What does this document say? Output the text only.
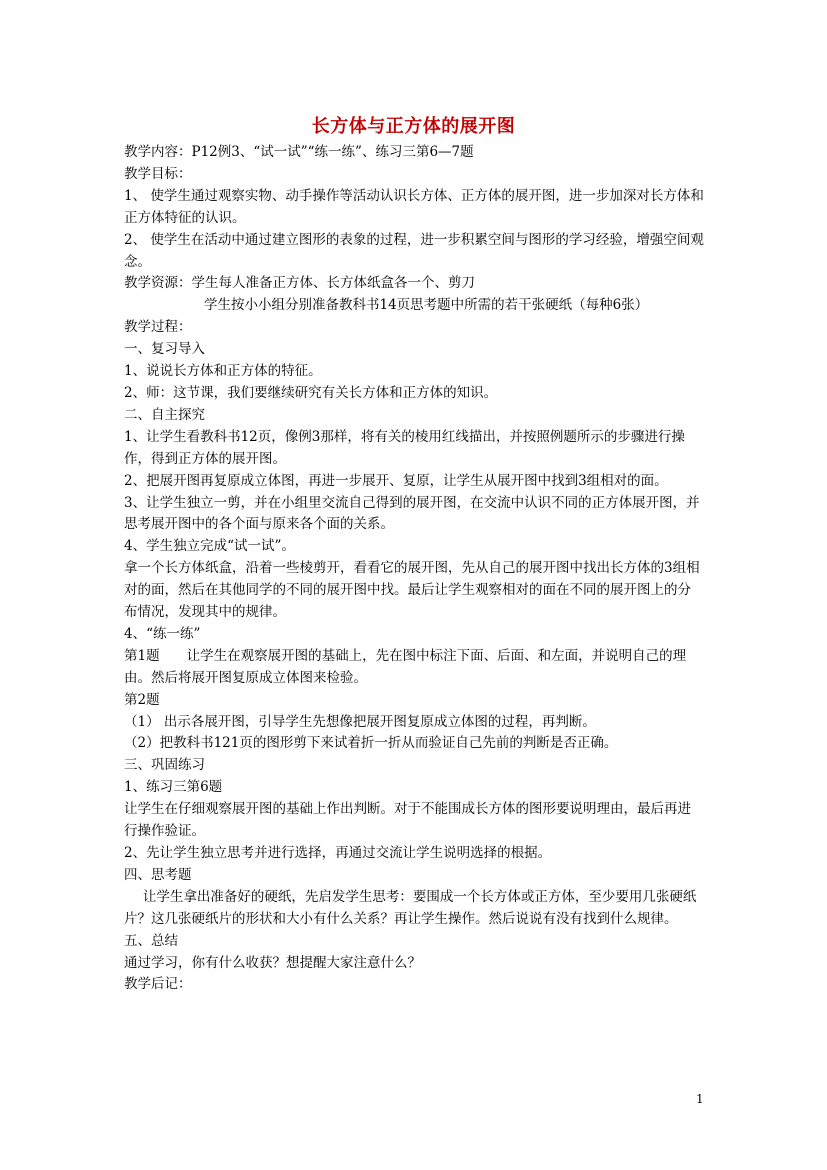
长方体与正方体的展开图

教学内容：P12例3、“试一试”“练一练”、练习三第6—7题

教学目标：

1、 使学生通过观察实物、动手操作等活动认识长方体、正方体的展开图，进一步加深对长方体和正方体特征的认识。

2、 使学生在活动中通过建立图形的表象的过程，进一步积累空间与图形的学习经验，增强空间观念。

教学资源：学生每人准备正方体、长方体纸盒各一个、剪刀

学生按小小组分别准备教科书14页思考题中所需的若干张硬纸（每种6张）

教学过程：

一、复习导入

1、说说长方体和正方体的特征。

2、师：这节课，我们要继续研究有关长方体和正方体的知识。

二、自主探究

1、让学生看教科书12页，像例3那样，将有关的棱用红线描出，并按照例题所示的步骤进行操作，得到正方体的展开图。

2、把展开图再复原成立体图，再进一步展开、复原，让学生从展开图中找到3组相对的面。

3、让学生独立一剪，并在小组里交流自己得到的展开图，在交流中认识不同的正方体展开图，并思考展开图中的各个面与原来各个面的关系。

4、学生独立完成“试一试”。

拿一个长方体纸盒，沿着一些棱剪开，看看它的展开图，先从自己的展开图中找出长方体的3组相对的面，然后在其他同学的不同的展开图中找。最后让学生观察相对的面在不同的展开图上的分布情况，发现其中的规律。

4、“练一练”

第1题　　让学生在观察展开图的基础上，先在图中标注下面、后面、和左面，并说明自己的理由。然后将展开图复原成立体图来检验。

第2题

（1） 出示各展开图，引导学生先想像把展开图复原成立体图的过程，再判断。

（2）把教科书121页的图形剪下来试着折一折从而验证自己先前的判断是否正确。

三、巩固练习

1、练习三第6题

让学生在仔细观察展开图的基础上作出判断。对于不能围成长方体的图形要说明理由，最后再进行操作验证。

2、先让学生独立思考并进行选择，再通过交流让学生说明选择的根据。

四、思考题

让学生拿出准备好的硬纸，先启发学生思考：要围成一个长方体或正方体，至少要用几张硬纸片？这几张硬纸片的形状和大小有什么关系？再让学生操作。然后说说有没有找到什么规律。

五、总结

通过学习，你有什么收获？想提醒大家注意什么？

教学后记：

1
